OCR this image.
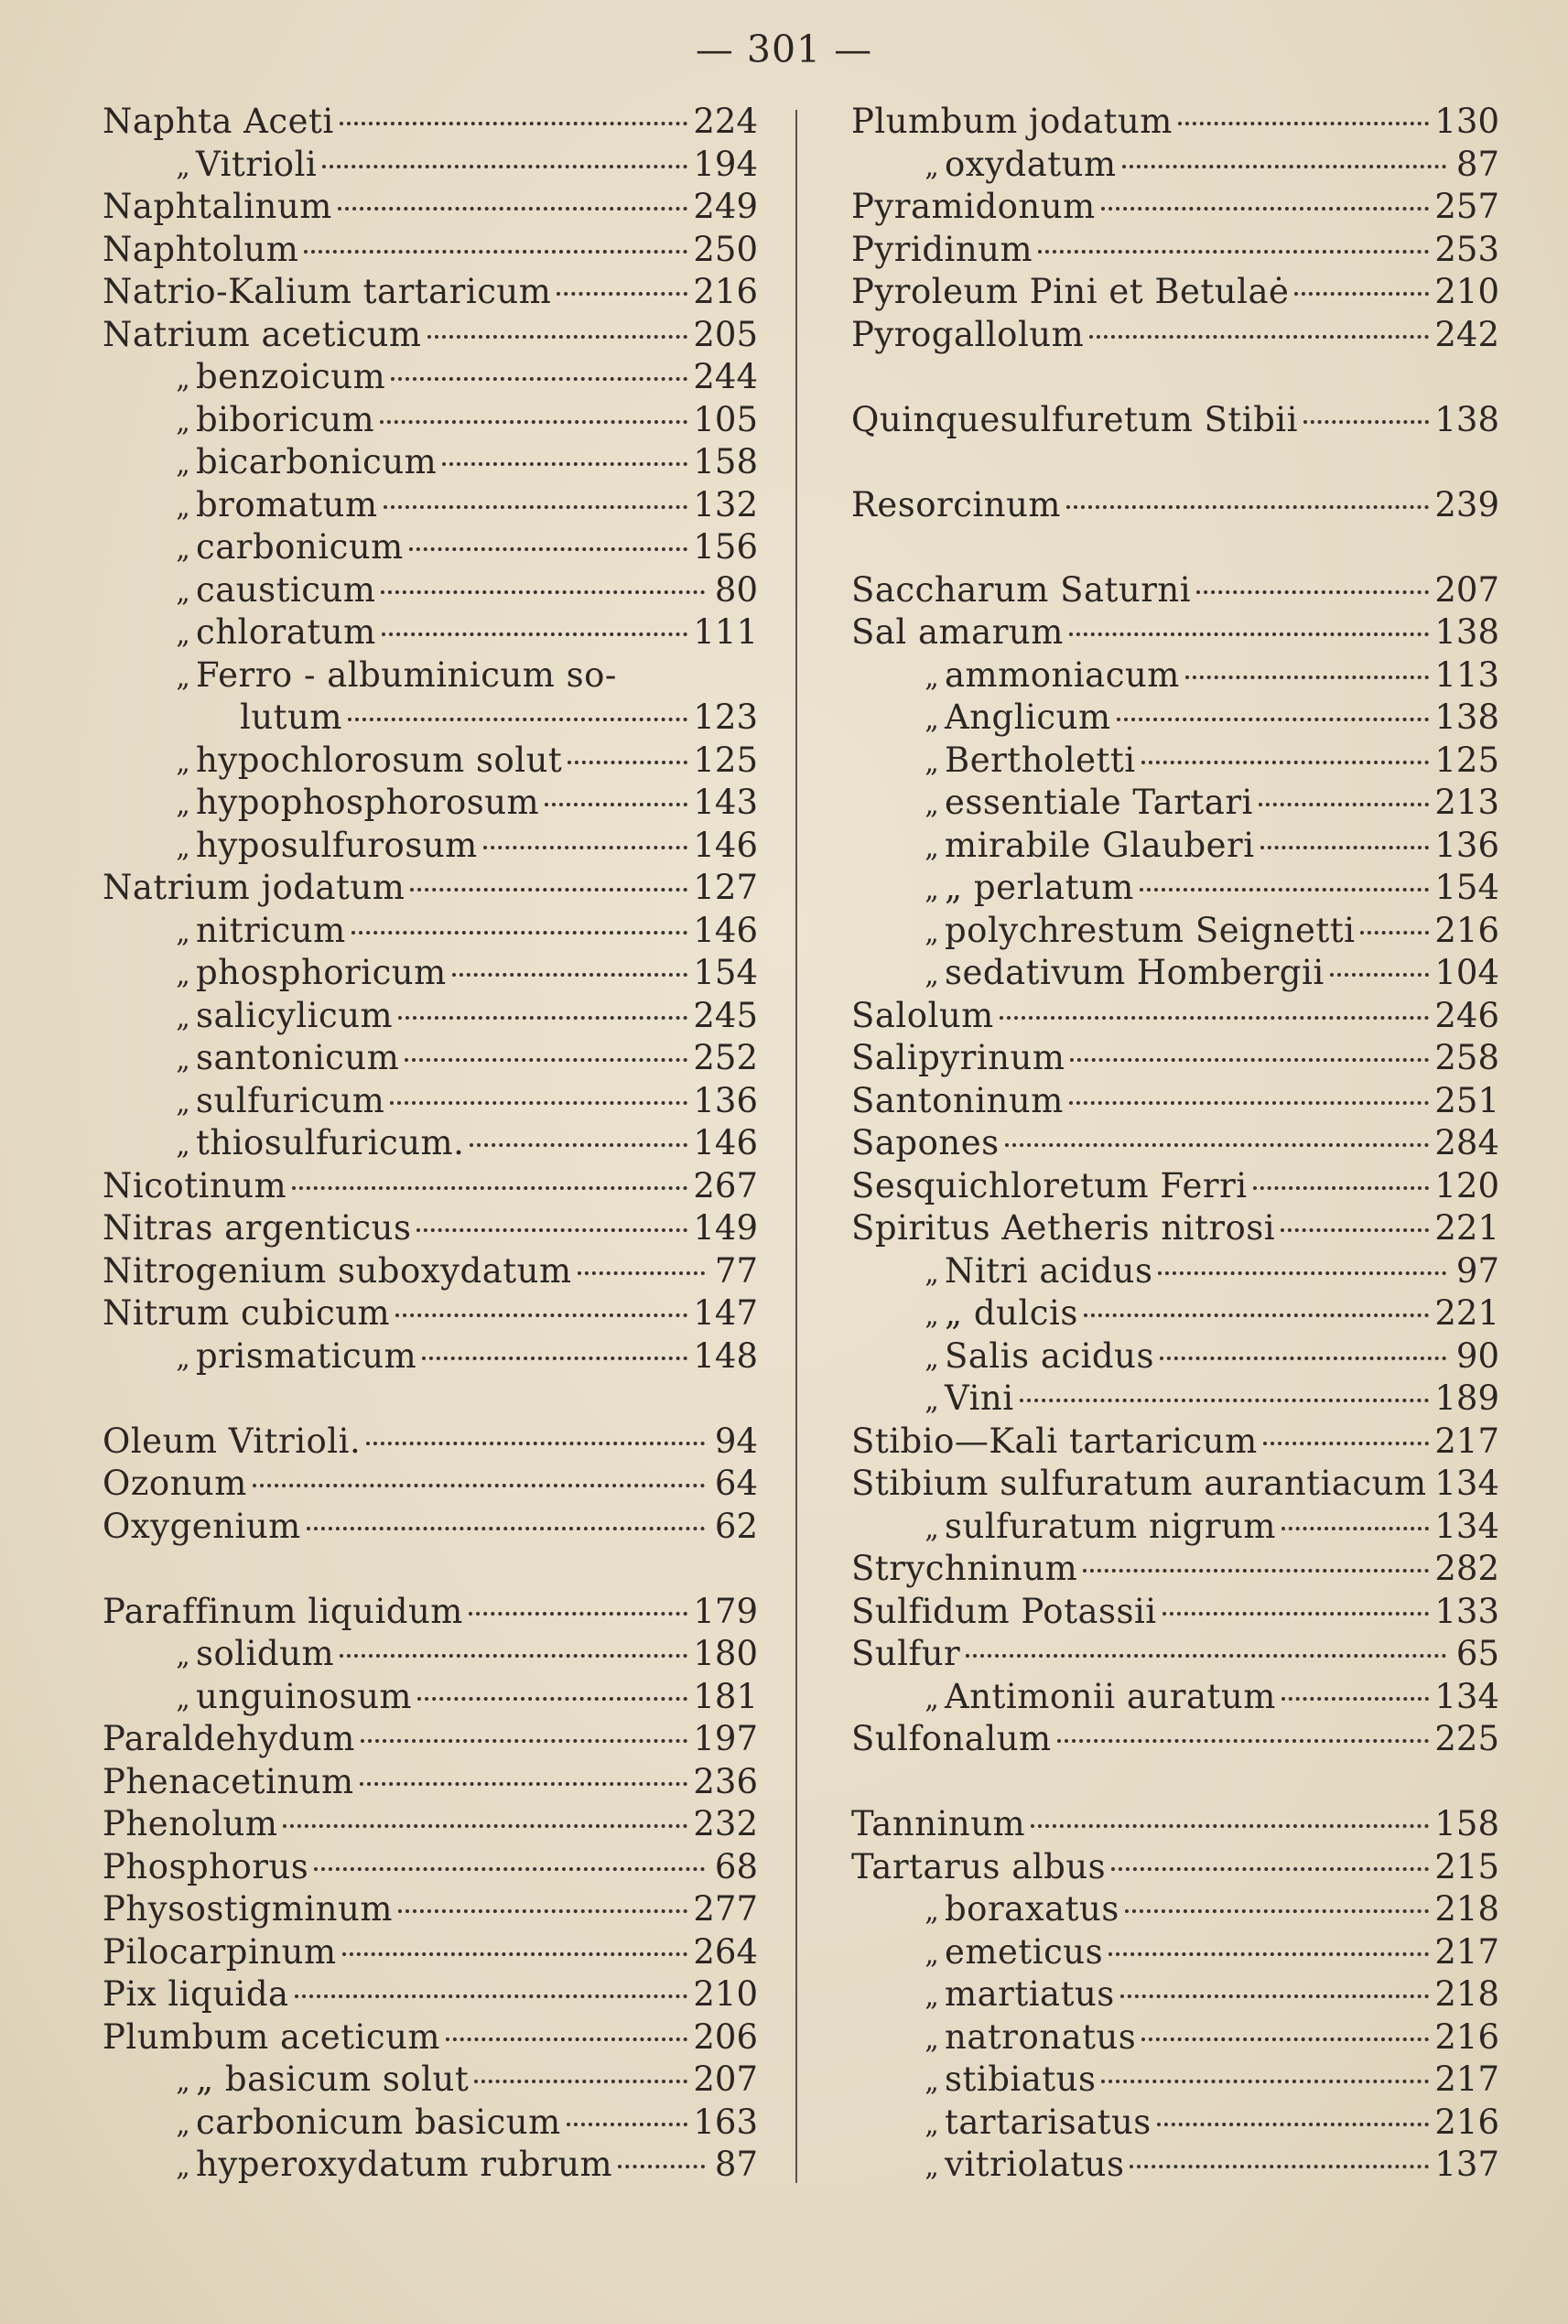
— 301 —
Naphta Aceti	224
„ Vitrioli	194
Naphtalinum	249
Naphtolum	250
Natrio-Kalium tartaricum	216
Natrium aceticum	205
„ benzoicum	244
„ biboricum	105
„ bicarbonicum	158
„ bromatum	132
„ carbonicum	156
„ causticum	80
„ chloratum	111
„ Ferro - albuminicum so-
lutum	123
„ hypochlorosum solut	125
„ hypophosphorosum	143
„ hyposulfurosum	146
Natrium jodatum	127
„ nitricum	146
„ phosphoricum	154
„ salicylicum	245
„ santonicum	252
„ sulfuricum	136
„ thiosulfuricum.	146
Nicotinum	267
Nitras argenticus	149
Nitrogenium suboxydatum	77
Nitrum cubicum	147
„ prismaticum	148
Oleum Vitrioli.	94
Ozonum	64
Oxygenium	62
Paraffinum liquidum	179
„ solidum	180
„ unguinosum	181
Paraldehydum	197
Phenacetinum	236
Phenolum	232
Phosphorus	68
Physostigminum	277
Pilocarpinum	264
Pix liquida	210
Plumbum aceticum	206
„ „ basicum solut	207
„ carbonicum basicum	163
„ hyperoxydatum rubrum	87
Plumbum jodatum	130
„ oxydatum	87
Pyramidonum	257
Pyridinum	253
Pyroleum Pini et Betulaė	210
Pyrogallolum	242
Quinquesulfuretum Stibii	138
Resorcinum	239
Saccharum Saturni	207
Sal amarum	138
„ ammoniacum	113
„ Anglicum	138
„ Bertholetti	125
„ essentiale Tartari	213
„ mirabile Glauberi	136
„ „ perlatum	154
„ polychrestum Seignetti 216
„ sedativum Hombergii	104
Salolum	246
Salipyrinum	258
Santoninum	251
Sapones	284
Sesquichloretum Ferri	120
Spiritus Aetheris nitrosi	221
„ Nitri acidus	97
„ „ dulcis	221
„ Salis acidus	90
„ Vini	189
Stibio—Kali tartaricum	217
Stibium sulfuratum aurantiacum 134
„ sulfuratum nigrum	134
Strychninum	282
Sulfidum Potassii	133
Sulfur	65
„ Antimonii auratum	134
Sulfonalum	225
Tanninum	158
Tartarus albus	215
„ boraxatus	218
„ emeticus	217
„ martiatus	218
„ natronatus	216
„ stibiatus	217
„ tartarisatus	216
„ vitriolatus	137
